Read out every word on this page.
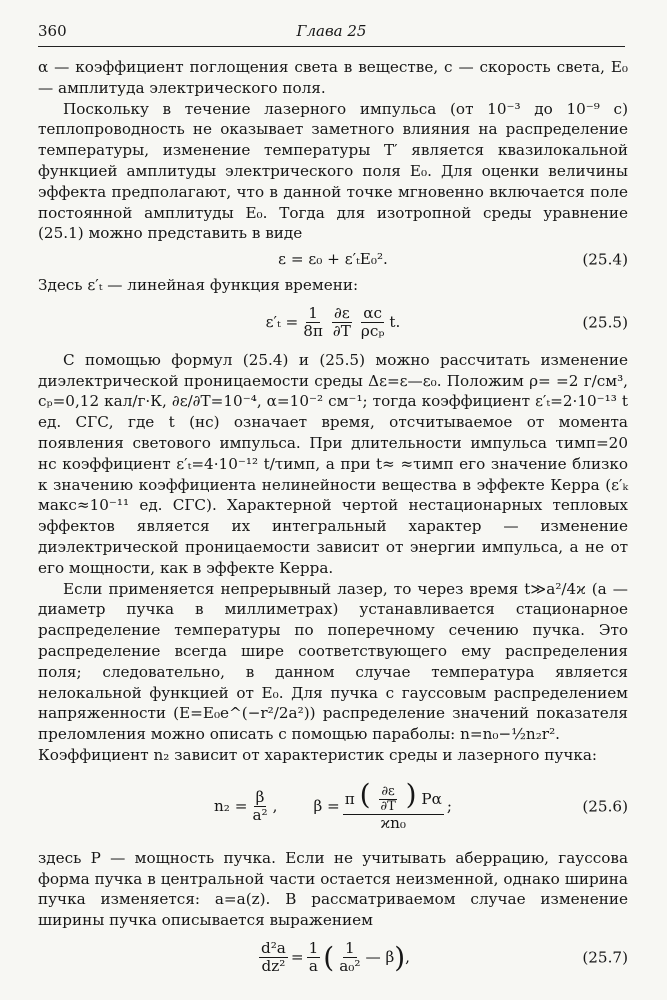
360	Глава 25

α — коэффициент поглощения света в веществе, c — скорость света, E₀ — амплитуда электрического поля.

Поскольку в течение лазерного импульса (от 10⁻³ до 10⁻⁹ с) теплопроводность не оказывает заметного влияния на распределение температуры, изменение температуры T′ является квазилокальной функцией амплитуды электрического поля E₀. Для оценки величины эффекта предполагают, что в данной точке мгновенно включается поле постоянной амплитуды E₀. Тогда для изотропной среды уравнение (25.1) можно представить в виде

ε = ε₀ + ε′ₜE₀².	(25.4)

Здесь ε′ₜ — линейная функция времени:

$\varepsilon'_t = \frac{1}{8\pi} \frac{\partial\varepsilon}{\partial T} \frac{\alpha c}{\text{ρcₚ}} t$.	(25.5)

С помощью формул (25.4) и (25.5) можно рассчитать изменение диэлектрической проницаемости среды Δε=ε—ε₀. Положим ρ= =2 г/см³, cₚ=0,12 кал/г·К, ∂ε/∂T=10⁻⁴, α=10⁻² см⁻¹; тогда коэффициент ε′ₜ=2·10⁻¹³ t ед. СГС, где t (нс) означает время, отсчитываемое от момента появления светового импульса. При длительности импульса τимп=20 нс коэффициент ε′ₜ=4·10⁻¹² t/τимп, а при t≈ ≈τимп его значение близко к значению коэффициента нелинейности вещества в эффекте Керра (ε′ₖ макс≈10⁻¹¹ ед. СГС). Характерной чертой нестационарных тепловых эффектов является их интегральный характер — изменение диэлектрической проницаемости зависит от энергии импульса, а не от его мощности, как в эффекте Керра.

Если применяется непрерывный лазер, то через время t≫a²/4ϰ (a — диаметр пучка в миллиметрах) устанавливается стационарное распределение температуры по поперечному сечению пучка. Это распределение всегда шире соответствующего ему распределения поля; следовательно, в данном случае температура является нелокальной функцией от E₀. Для пучка с гауссовым распределением напряженности (E=E₀e^(−r²/2a²)) распределение значений показателя преломления можно описать с помощью параболы: n=n₀−½n₂r².

Коэффициент n₂ зависит от характеристик среды и лазерного пучка:

$n_2 = \frac{\beta}{\text{a²}}$ , β = π ( $\frac{\partial\varepsilon}{\partial T}$ ) Pα
ϰn₀
;	(25.6)

здесь P — мощность пучка. Если не учитывать аберрацию, гауссова форма пучка в центральной части остается неизменной, однако ширина пучка изменяется: a=a(z). В рассматриваемом случае изменение ширины пучка описывается выражением

$\frac{\text{d²a}}{\text{dz²}} = \frac{1}{a}$ ( $\frac{1}{\text{a₀²}}$ — β ) ,	(25.7)
